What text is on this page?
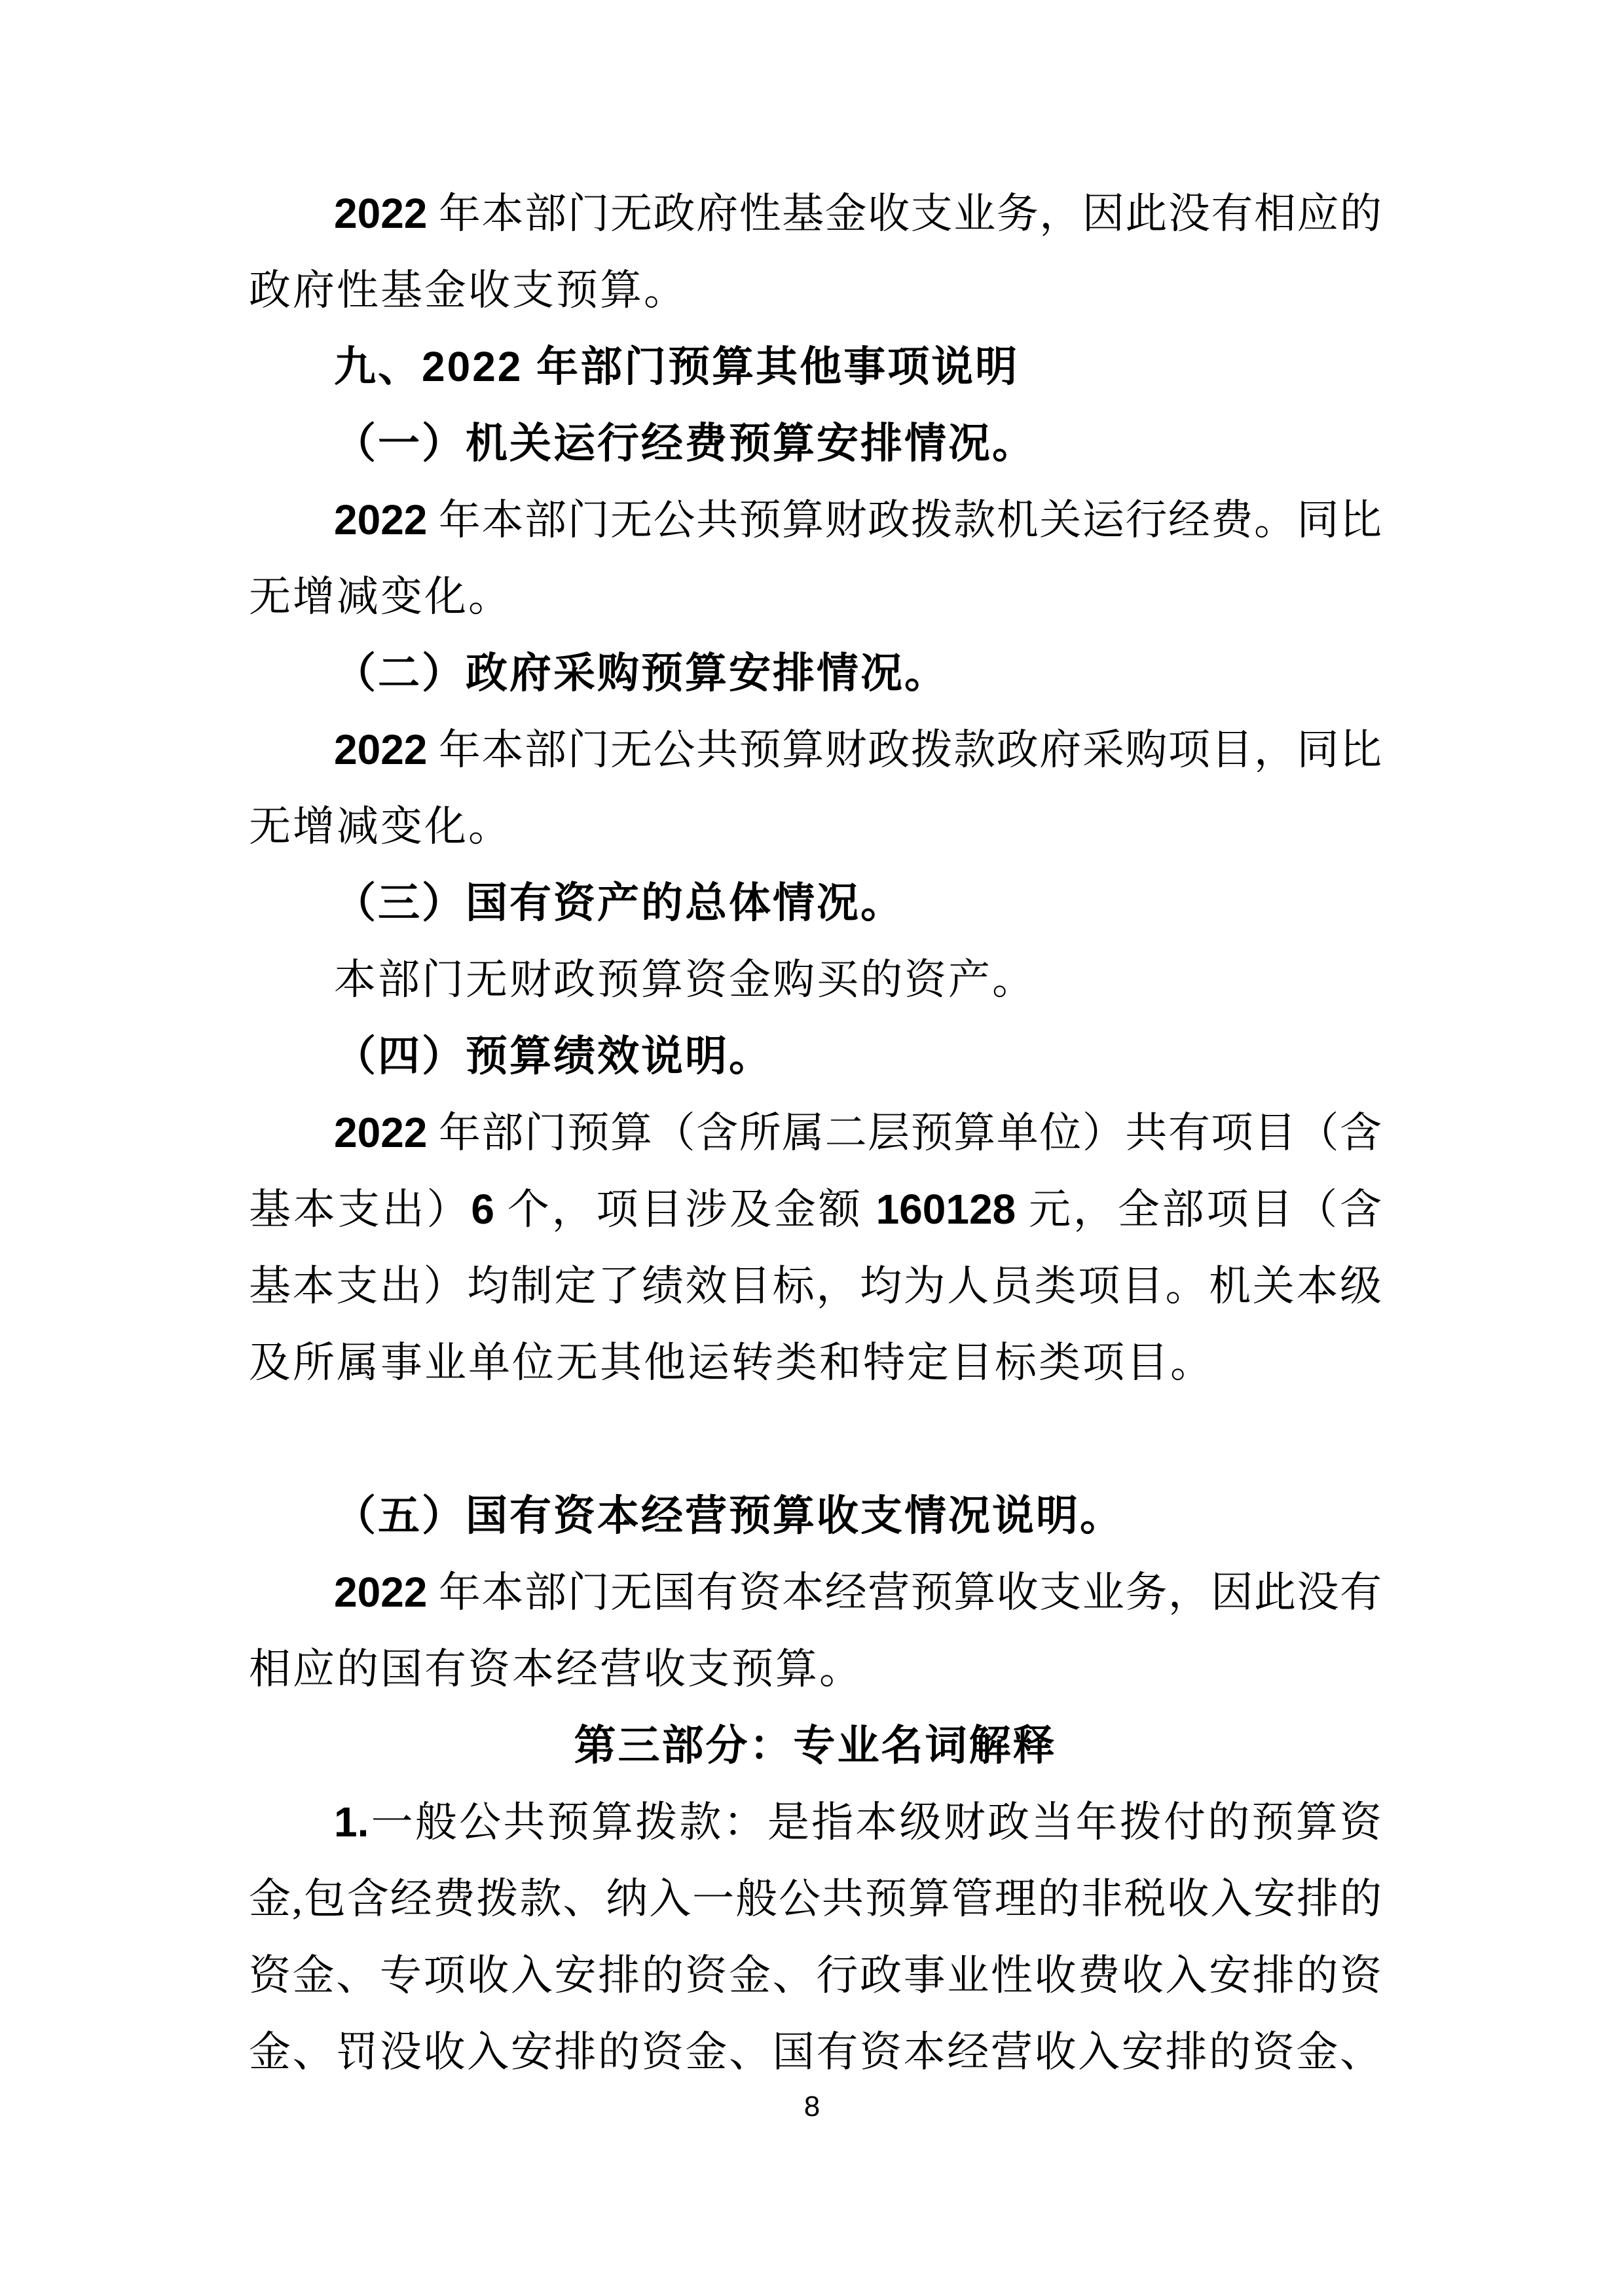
2022 年本部门无政府性基金收支业务，因此没有相应的
政府性基金收支预算。
九、2022 年部门预算其他事项说明
（一）机关运行经费预算安排情况。
2022 年本部门无公共预算财政拨款机关运行经费。同比
无增减变化。
（二）政府采购预算安排情况。
2022 年本部门无公共预算财政拨款政府采购项目，同比
无增减变化。
（三）国有资产的总体情况。
本部门无财政预算资金购买的资产。
（四）预算绩效说明。
2022 年部门预算（含所属二层预算单位）共有项目（含
基本支出）6 个，项目涉及金额 160128 元，全部项目（含
基本支出）均制定了绩效目标，均为人员类项目。机关本级
及所属事业单位无其他运转类和特定目标类项目。
（五）国有资本经营预算收支情况说明。
2022 年本部门无国有资本经营预算收支业务，因此没有
相应的国有资本经营收支预算。
第三部分：专业名词解释
1.一般公共预算拨款：是指本级财政当年拨付的预算资
金,包含经费拨款、纳入一般公共预算管理的非税收入安排的
资金、专项收入安排的资金、行政事业性收费收入安排的资
金、罚没收入安排的资金、国有资本经营收入安排的资金、
8
